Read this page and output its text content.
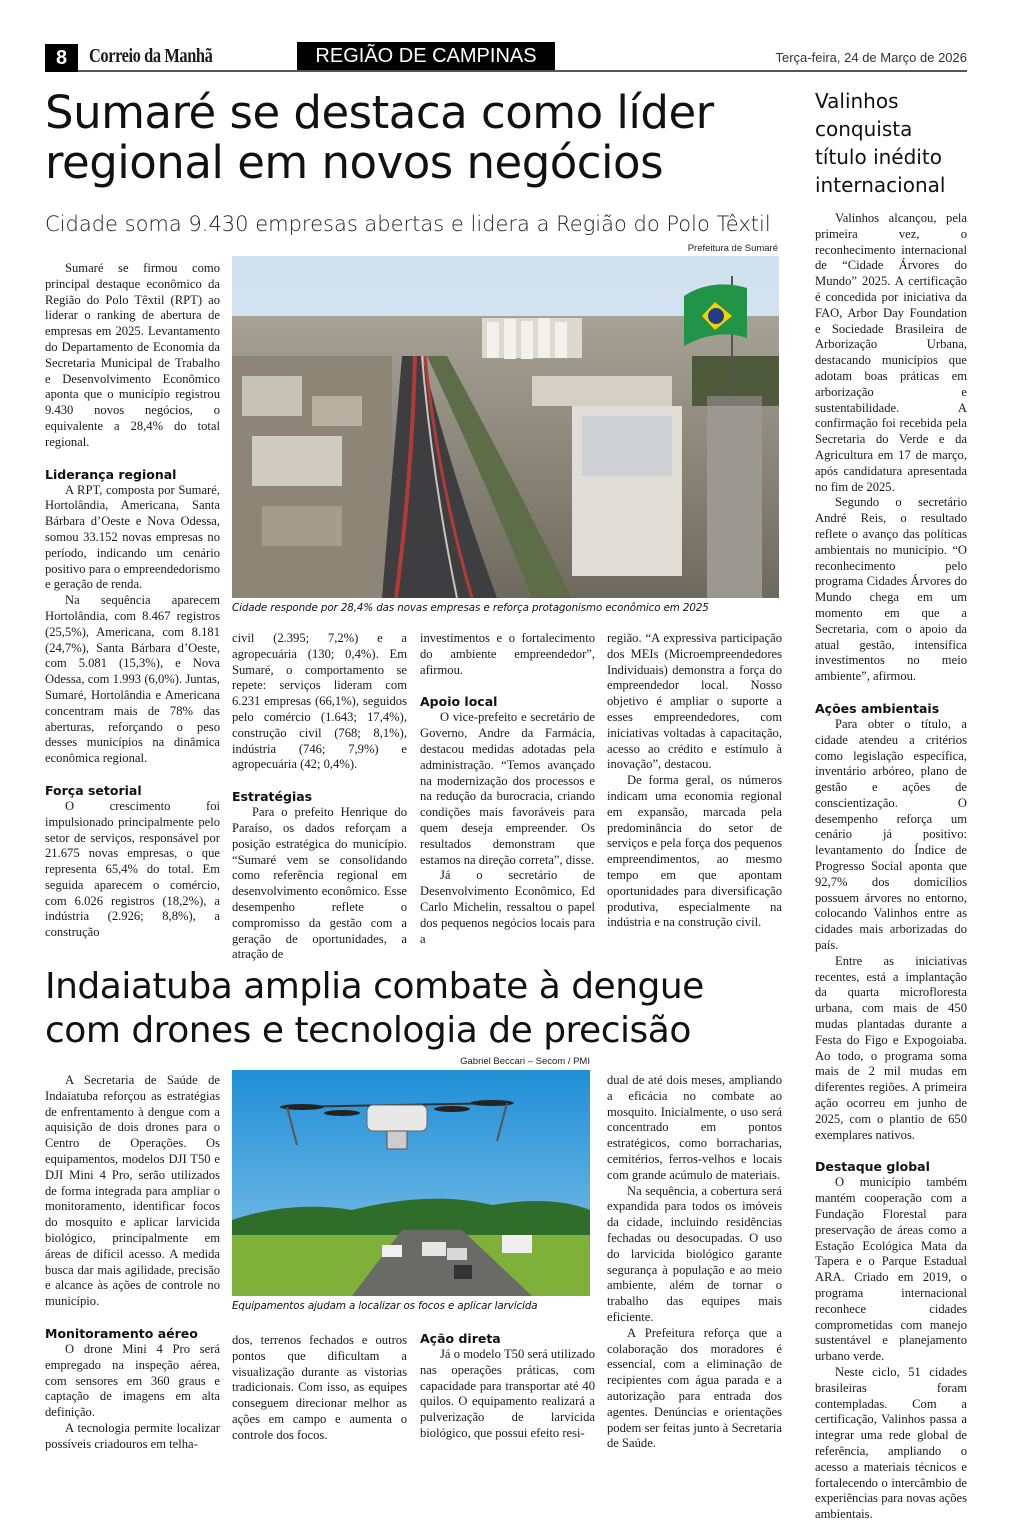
8	Correio da Manhã	REGIÃO DE CAMPINAS	Terça-feira, 24 de Março de 2026
Sumaré se destaca como líder
regional em novos negócios
Cidade soma 9.430 empresas abertas e lidera a Região do Polo Têxtil
Prefeitura de Sumaré
Cidade responde por 28,4% das novas empresas e reforça protagonismo econômico em 2025

Sumaré se firmou como principal destaque econômico da Região do Polo Têxtil (RPT) ao liderar o ranking de abertura de empresas em 2025. Levantamento do Departamento de Economia da Secretaria Municipal de Trabalho e Desenvolvimento Econômico aponta que o município registrou 9.430 novos negócios, o equivalente a 28,4% do total regional.

Liderança regional

A RPT, composta por Sumaré, Hortolândia, Americana, Santa Bárbara d’Oeste e Nova Odessa, somou 33.152 novas empresas no período, indicando um cenário positivo para o empreendedorismo e geração de renda.

Na sequência aparecem Hortolândia, com 8.467 registros (25,5%), Americana, com 8.181 (24,7%), Santa Bárbara d’Oeste, com 5.081 (15,3%), e Nova Odessa, com 1.993 (6,0%). Juntas, Sumaré, Hortolândia e Americana concentram mais de 78% das aberturas, reforçando o peso desses municípios na dinâmica econômica regional.

Força setorial

O crescimento foi impulsionado principalmente pelo setor de serviços, responsável por 21.675 novas empresas, o que representa 65,4% do total. Em seguida aparecem o comércio, com 6.026 registros (18,2%), a indústria (2.926; 8,8%), a construção

civil (2.395; 7,2%) e a agropecuária (130; 0,4%). Em Sumaré, o comportamento se repete: serviços lideram com 6.231 empresas (66,1%), seguidos pelo comércio (1.643; 17,4%), construção civil (768; 8,1%), indústria (746; 7,9%) e agropecuária (42; 0,4%).

Estratégias

Para o prefeito Henrique do Paraíso, os dados reforçam a posição estratégica do município. “Sumaré vem se consolidando como referência regional em desenvolvimento econômico. Esse desempenho reflete o compromisso da gestão com a geração de oportunidades, a atração de

investimentos e o fortalecimento do ambiente empreendedor”, afirmou.

Apoio local

O vice-prefeito e secretário de Governo, Andre da Farmácia, destacou medidas adotadas pela administração. “Temos avançado na modernização dos processos e na redução da burocracia, criando condições mais favoráveis para quem deseja empreender. Os resultados demonstram que estamos na direção correta”, disse.

Já o secretário de Desenvolvimento Econômico, Ed Carlo Michelin, ressaltou o papel dos pequenos negócios locais para a

região. “A expressiva participação dos MEIs (Microempreendedores Individuais) demonstra a força do empreendedor local. Nosso objetivo é ampliar o suporte a esses empreendedores, com iniciativas voltadas à capacitação, acesso ao crédito e estímulo à inovação”, destacou.

De forma geral, os números indicam uma economia regional em expansão, marcada pela predominância do setor de serviços e pela força dos pequenos empreendimentos, ao mesmo tempo em que apontam oportunidades para diversificação produtiva, especialmente na indústria e na construção civil.

Indaiatuba amplia combate à dengue
com drones e tecnologia de precisão
Gabriel Beccari – Secom / PMI
Equipamentos ajudam a localizar os focos e aplicar larvicida

A Secretaria de Saúde de Indaiatuba reforçou as estratégias de enfrentamento à dengue com a aquisição de dois drones para o Centro de Operações. Os equipamentos, modelos DJI T50 e DJI Mini 4 Pro, serão utilizados de forma integrada para ampliar o monitoramento, identificar focos do mosquito e aplicar larvicida biológico, principalmente em áreas de difícil acesso. A medida busca dar mais agilidade, precisão e alcance às ações de controle no município.

Monitoramento aéreo

O drone Mini 4 Pro será empregado na inspeção aérea, com sensores em 360 graus e captação de imagens em alta definição.

A tecnologia permite localizar possíveis criadouros em telha-

dos, terrenos fechados e outros pontos que dificultam a visualização durante as vistorias tradicionais. Com isso, as equipes conseguem direcionar melhor as ações em campo e aumenta o controle dos focos.

Ação direta

Já o modelo T50 será utilizado nas operações práticas, com capacidade para transportar até 40 quilos. O equipamento realizará a pulverização de larvicida biológico, que possui efeito resi-

dual de até dois meses, ampliando a eficácia no combate ao mosquito. Inicialmente, o uso será concentrado em pontos estratégicos, como borracharias, cemitérios, ferros-velhos e locais com grande acúmulo de materiais.

Na sequência, a cobertura será expandida para todos os imóveis da cidade, incluindo residências fechadas ou desocupadas. O uso do larvicida biológico garante segurança à população e ao meio ambiente, além de tornar o trabalho das equipes mais eficiente.

A Prefeitura reforça que a colaboração dos moradores é essencial, com a eliminação de recipientes com água parada e a autorização para entrada dos agentes. Denúncias e orientações podem ser feitas junto à Secretaria de Saúde.

Valinhos
conquista
título inédito
internacional

Valinhos alcançou, pela primeira vez, o reconhecimento internacional de “Cidade Árvores do Mundo” 2025. A certificação é concedida por iniciativa da FAO, Arbor Day Foundation e Sociedade Brasileira de Arborização Urbana, destacando municípios que adotam boas práticas em arborização e sustentabilidade. A confirmação foi recebida pela Secretaria do Verde e da Agricultura em 17 de março, após candidatura apresentada no fim de 2025.

Segundo o secretário André Reis, o resultado reflete o avanço das políticas ambientais no município. “O reconhecimento pelo programa Cidades Árvores do Mundo chega em um momento em que a Secretaria, com o apoio da atual gestão, intensifica investimentos no meio ambiente”, afirmou.

Ações ambientais

Para obter o título, a cidade atendeu a critérios como legislação específica, inventário arbóreo, plano de gestão e ações de conscientização. O desempenho reforça um cenário já positivo: levantamento do Índice de Progresso Social aponta que 92,7% dos domicílios possuem árvores no entorno, colocando Valinhos entre as cidades mais arborizadas do país.

Entre as iniciativas recentes, está a implantação da quarta microfloresta urbana, com mais de 450 mudas plantadas durante a Festa do Figo e Expogoiaba. Ao todo, o programa soma mais de 2 mil mudas em diferentes regiões. A primeira ação ocorreu em junho de 2025, com o plantio de 650 exemplares nativos.

Destaque global

O município também mantém cooperação com a Fundação Florestal para preservação de áreas como a Estação Ecológica Mata da Tapera e o Parque Estadual ARA. Criado em 2019, o programa internacional reconhece cidades comprometidas com manejo sustentável e planejamento urbano verde.

Neste ciclo, 51 cidades brasileiras foram contempladas. Com a certificação, Valinhos passa a integrar uma rede global de referência, ampliando o acesso a materiais técnicos e fortalecendo o intercâmbio de experiências para novas ações ambientais.
